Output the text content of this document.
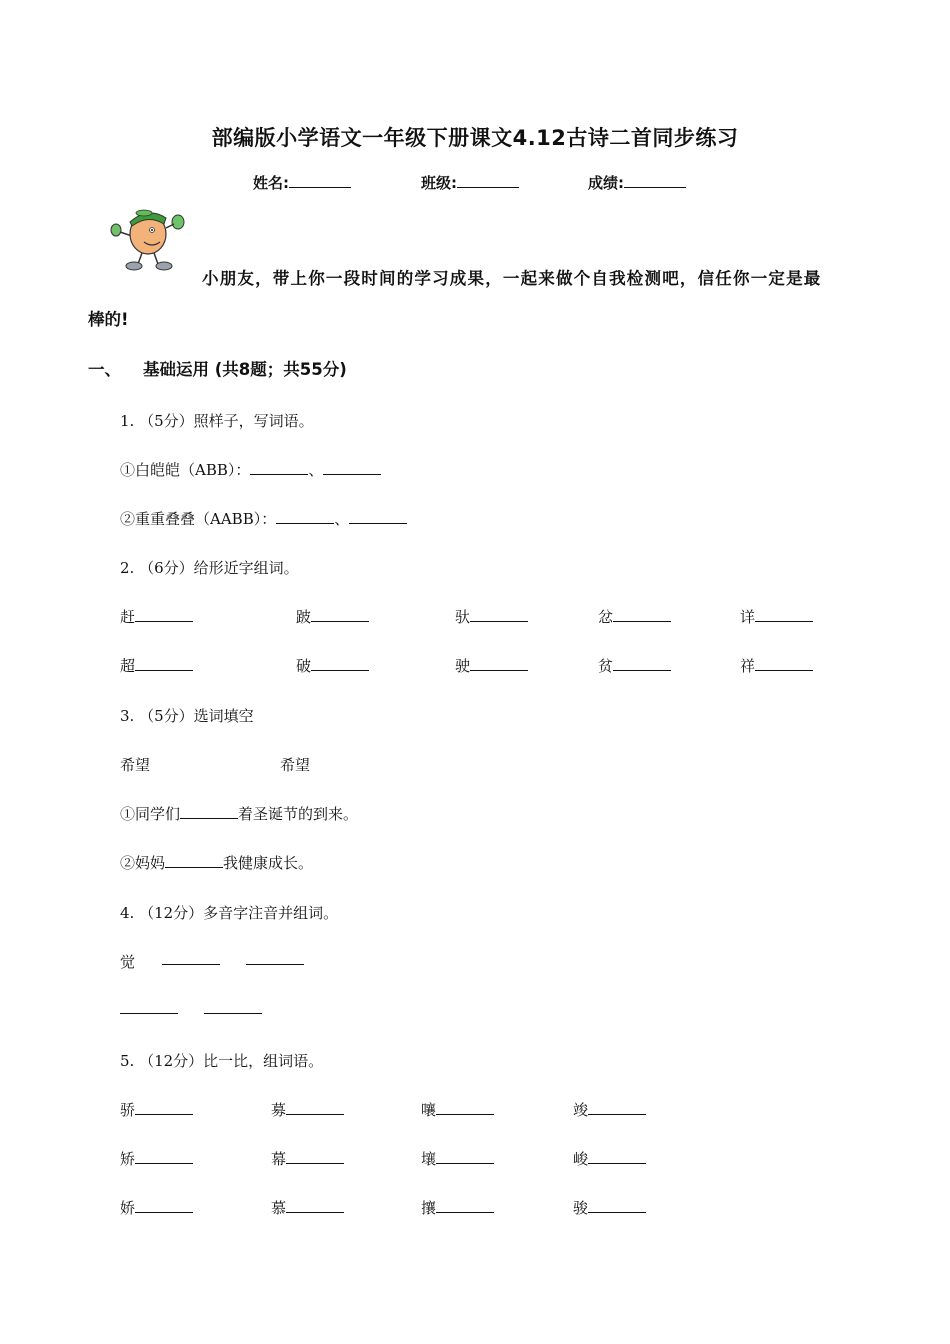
部编版小学语文一年级下册课文4.12古诗二首同步练习
姓名:	班级:	成绩:
小朋友，带上你一段时间的学习成果，一起来做个自我检测吧，信任你一定是最
棒的!
一、 基础运用 (共8题；共55分)
1. （5分）照样子，写词语。
①白皑皑（ABB）：	、
②重重叠叠（AABB）：	、
2. （6分）给形近字组词。
赶	跛	驮	忿	详
超	破	驶	贫	祥
3. （5分）选词填空
希望	希望
①同学们	着圣诞节的到来。
②妈妈	我健康成长。
4. （12分）多音字注音并组词。
觉
5. （12分）比一比，组词语。
骄	募	嚷	竣
矫	幕	壤	峻
娇	慕	攘	骏
